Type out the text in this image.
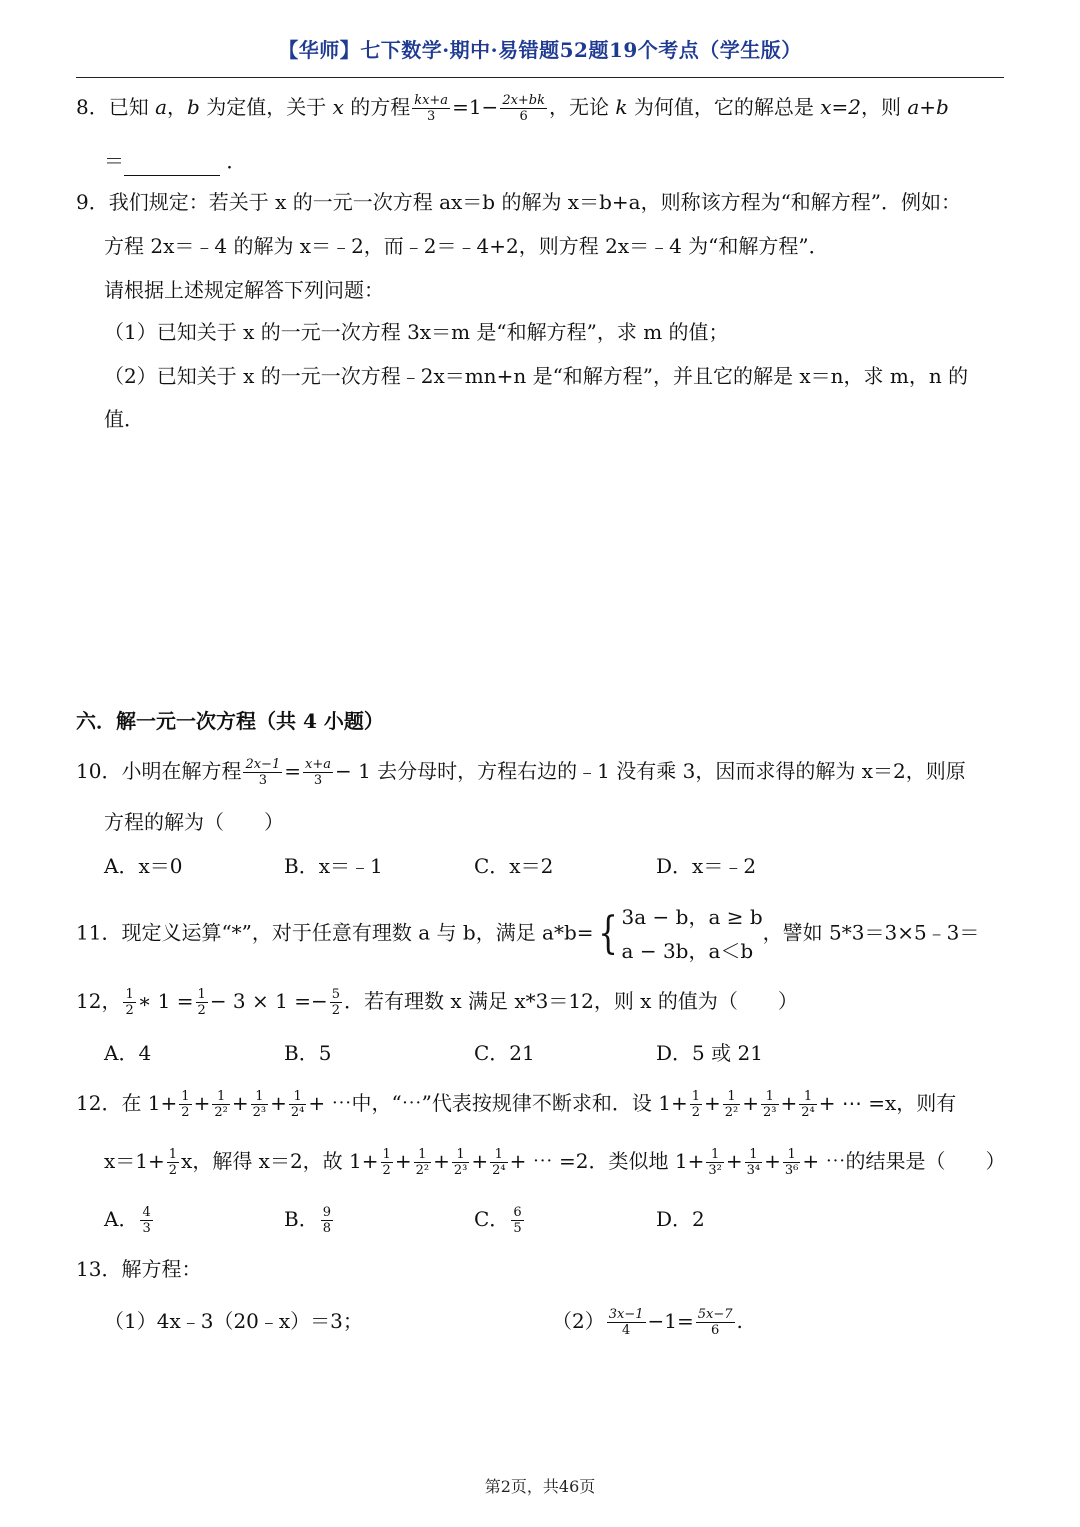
【华师】七下数学·期中·易错题52题19个考点（学生版）
8．已知 a，b 为定值，关于 x 的方程 $\frac{kx+a}{3} =1- \frac{2x+bk}{6}$ ，无论 k 为何值，它的解总是 x=2，则 a+b
＝	．
9．我们规定：若关于 x 的一元一次方程 ax＝b 的解为 x＝b+a，则称该方程为“和解方程”．例如：
方程 2x＝﹣4 的解为 x＝﹣2，而﹣2＝﹣4+2，则方程 2x＝﹣4 为“和解方程”．
请根据上述规定解答下列问题：
（1）已知关于 x 的一元一次方程 3x＝m 是“和解方程”，求 m 的值；
（2）已知关于 x 的一元一次方程﹣2x＝mn+n 是“和解方程”，并且它的解是 x＝n，求 m，n 的
值．
六．解一元一次方程（共 4 小题）
10．小明在解方程 $\frac{2x-1}{3} = \frac{x+a}{3} - 1$ 去分母时，方程右边的﹣1 没有乘 3，因而求得的解为 x＝2，则原
方程的解为（　　）
A．x＝0	B．x＝﹣1	C．x＝2	D．x＝﹣2
11．现定义运算“*”，对于任意有理数 a 与 b，满足 a*b={ 3a − b，a ≥ b
a − 3b，a＜b
，譬如 5*3＝3×5﹣3＝
12， $\frac{1}{2}$ ∗ $1 = \frac{1}{2} - 3 \times 1 =- \frac{5}{2}$ ．若有理数 x 满足 x*3＝12，则 x 的值为（　　）
A．4	B．5	C．21	D．5 或 21
12．在 $1+ \frac{1}{2} + \frac{1}{\text{2²}} + \frac{1}{\text{2³}} + \frac{1}{\text{2⁴}}$ + ⋯中，“⋯”代表按规律不断求和．设 $1+ \frac{1}{2} + \frac{1}{\text{2²}} + \frac{1}{\text{2³}} + \frac{1}{\text{2⁴}}$ + ⋯ =x，则有
$x=1+ \frac{1}{2}$ x，解得 x＝2，故 $1+ \frac{1}{2} + \frac{1}{\text{2²}} + \frac{1}{\text{2³}} + \frac{1}{\text{2⁴}}$ + ⋯ =2．类似地 $1+ \frac{1}{\text{3²}} + \frac{1}{\text{3⁴}} + \frac{1}{\text{3⁶}}$ + ⋯的结果是（　　）
A． $\frac{4}{3}$	B． $\frac{9}{8}$	C． $\frac{6}{5}$	D．2
13．解方程：
（1）4x﹣3（20﹣x）＝3；	$(2) \frac{3x-1}{4} -1= \frac{5x-7}{6}$ .
第2页，共46页
